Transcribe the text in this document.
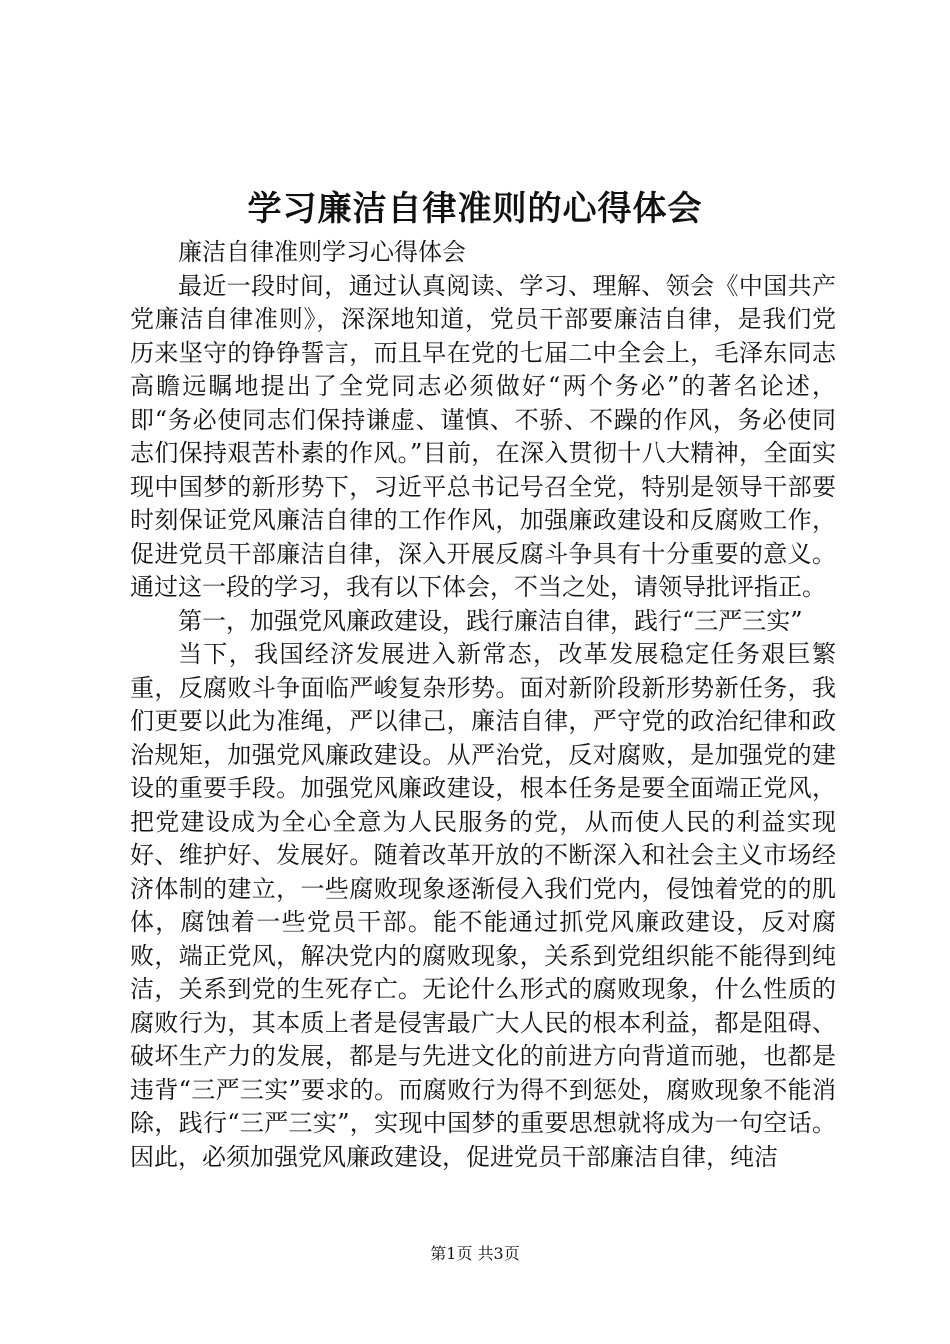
学习廉洁自律准则的心得体会

廉洁自律准则学习心得体会

最近一段时间，通过认真阅读、学习、理解、领会《中国共产党廉洁自律准则》，深深地知道，党员干部要廉洁自律，是我们党历来坚守的铮铮誓言，而且早在党的七届二中全会上，毛泽东同志高瞻远瞩地提出了全党同志必须做好“两个务必”的著名论述，即“务必使同志们保持谦虚、谨慎、不骄、不躁的作风，务必使同志们保持艰苦朴素的作风。”目前，在深入贯彻十八大精神，全面实现中国梦的新形势下，习近平总书记号召全党，特别是领导干部要时刻保证党风廉洁自律的工作作风，加强廉政建设和反腐败工作，促进党员干部廉洁自律，深入开展反腐斗争具有十分重要的意义。通过这一段的学习，我有以下体会，不当之处，请领导批评指正。

第一，加强党风廉政建设，践行廉洁自律，践行“三严三实”

当下，我国经济发展进入新常态，改革发展稳定任务艰巨繁重，反腐败斗争面临严峻复杂形势。面对新阶段新形势新任务，我们更要以此为准绳，严以律己，廉洁自律，严守党的政治纪律和政治规矩，加强党风廉政建设。从严治党，反对腐败，是加强党的建设的重要手段。加强党风廉政建设，根本任务是要全面端正党风，把党建设成为全心全意为人民服务的党，从而使人民的利益实现好、维护好、发展好。随着改革开放的不断深入和社会主义市场经济体制的建立，一些腐败现象逐渐侵入我们党内，侵蚀着党的的肌体，腐蚀着一些党员干部。能不能通过抓党风廉政建设，反对腐败，端正党风，解决党内的腐败现象，关系到党组织能不能得到纯洁，关系到党的生死存亡。无论什么形式的腐败现象，什么性质的腐败行为，其本质上者是侵害最广大人民的根本利益，都是阻碍、破坏生产力的发展，都是与先进文化的前进方向背道而驰，也都是违背“三严三实”要求的。而腐败行为得不到惩处，腐败现象不能消除，践行“三严三实”，实现中国梦的重要思想就将成为一句空话。因此，必须加强党风廉政建设，促进党员干部廉洁自律，纯洁

第1页 共3页
